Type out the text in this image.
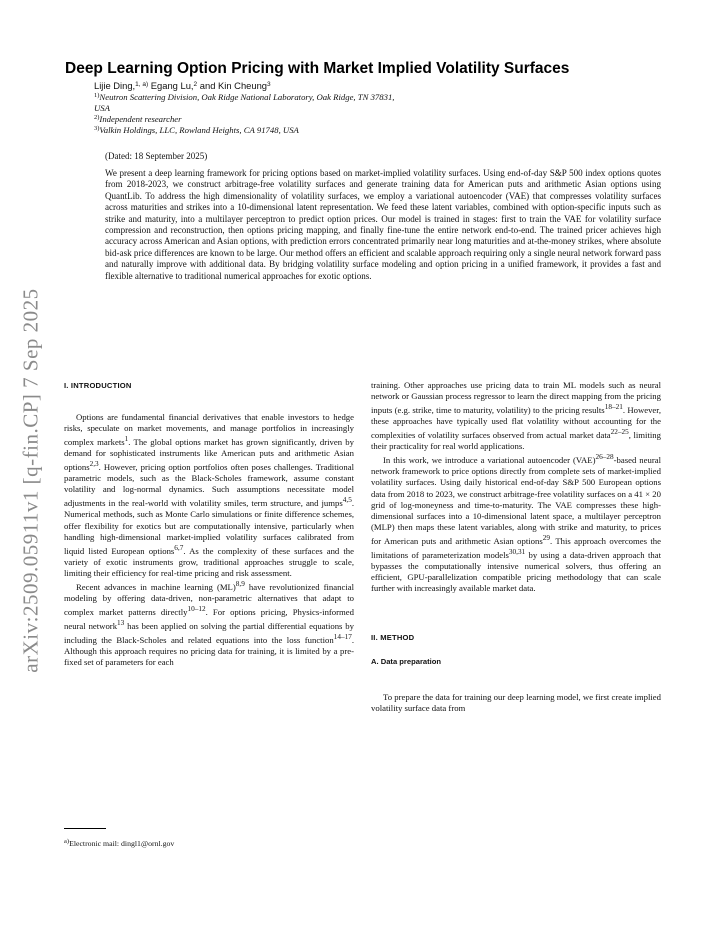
arXiv:2509.05911v1 [q-fin.CP] 7 Sep 2025
Deep Learning Option Pricing with Market Implied Volatility Surfaces
Lijie Ding,$^{1, a)}$ Egang Lu,$^2$ and Kin Cheung$^3$
$^{1)}$Neutron Scattering Division, Oak Ridge National Laboratory, Oak Ridge, TN 37831,
USA
$^{2)}$Independent researcher
$^{3)}$Valkin Holdings, LLC, Rowland Heights, CA 91748, USA
(Dated: 18 September 2025)
We present a deep learning framework for pricing options based on market-implied volatility surfaces. Using end-of-day S&P 500 index options quotes from 2018-2023, we construct arbitrage-free volatility surfaces and generate training data for American puts and arithmetic Asian options using QuantLib. To address the high dimensionality of volatility surfaces, we employ a variational autoencoder (VAE) that compresses volatility surfaces across maturities and strikes into a 10-dimensional latent representation. We feed these latent variables, combined with option-specific inputs such as strike and maturity, into a multilayer perceptron to predict option prices. Our model is trained in stages: first to train the VAE for volatility surface compression and reconstruction, then options pricing mapping, and finally fine-tune the entire network end-to-end. The trained pricer achieves high accuracy across American and Asian options, with prediction errors concentrated primarily near long maturities and at-the-money strikes, where absolute bid-ask price differences are known to be large. Our method offers an efficient and scalable approach requiring only a single neural network forward pass and naturally improve with additional data. By bridging volatility surface modeling and option pricing in a unified framework, it provides a fast and flexible alternative to traditional numerical approaches for exotic options.
I. INTRODUCTION

Options are fundamental financial derivatives that enable investors to hedge risks, speculate on market movements, and manage portfolios in increasingly complex markets$^1$. The global options market has grown significantly, driven by demand for sophisticated instruments like American puts and arithmetic Asian options$^{2,3}$. However, pricing option portfolios often poses challenges. Traditional parametric models, such as the Black-Scholes framework, assume constant volatility and log-normal dynamics. Such assumptions necessitate model adjustments in the real-world with volatility smiles, term structure, and jumps$^{4,5}$. Numerical methods, such as Monte Carlo simulations or finite difference schemes, offer flexibility for exotics but are computationally intensive, particularly when handling high-dimensional market-implied volatility surfaces calibrated from liquid listed European options$^{6,7}$. As the complexity of these surfaces and the variety of exotic instruments grow, traditional approaches struggle to scale, limiting their efficiency for real-time pricing and risk assessment.

Recent advances in machine learning (ML)$^{8,9}$ have revolutionized financial modeling by offering data-driven, non-parametric alternatives that adapt to complex market patterns directly$^{10-12}$. For options pricing, Physics-informed neural network$^{13}$ has been applied on solving the partial differential equations by including the Black-Scholes and related equations into the loss function$^{14-17}$. Although this approach requires no pricing data for training, it is limited by a pre-fixed set of parameters for each

training. Other approaches use pricing data to train ML models such as neural network or Gaussian process regressor to learn the direct mapping from the pricing inputs (e.g. strike, time to maturity, volatility) to the pricing results$^{18-21}$. However, these approaches have typically used flat volatility without accounting for the complexities of volatility surfaces observed from actual market data$^{22-25}$, limiting their practicality for real world applications.

In this work, we introduce a variational autoencoder (VAE)$^{26-28}$-based neural network framework to price options directly from complete sets of market-implied volatility surfaces. Using daily historical end-of-day S&P 500 European options data from 2018 to 2023, we construct arbitrage-free volatility surfaces on a 41 × 20 grid of log-moneyness and time-to-maturity. The VAE compresses these high-dimensional surfaces into a 10-dimensional latent space, a multilayer perceptron (MLP) then maps these latent variables, along with strike and maturity, to prices for American puts and arithmetic Asian options$^{29}$. This approach overcomes the limitations of parameterization models$^{30,31}$ by using a data-driven approach that bypasses the computationally intensive numerical solvers, thus offering an efficient, GPU-parallelization compatible pricing methodology that can scale further with increasingly available market data.

II. METHOD
A. Data preparation

To prepare the data for training our deep learning model, we first create implied volatility surface data from

$^{a)}$Electronic mail: dingl1@ornl.gov
